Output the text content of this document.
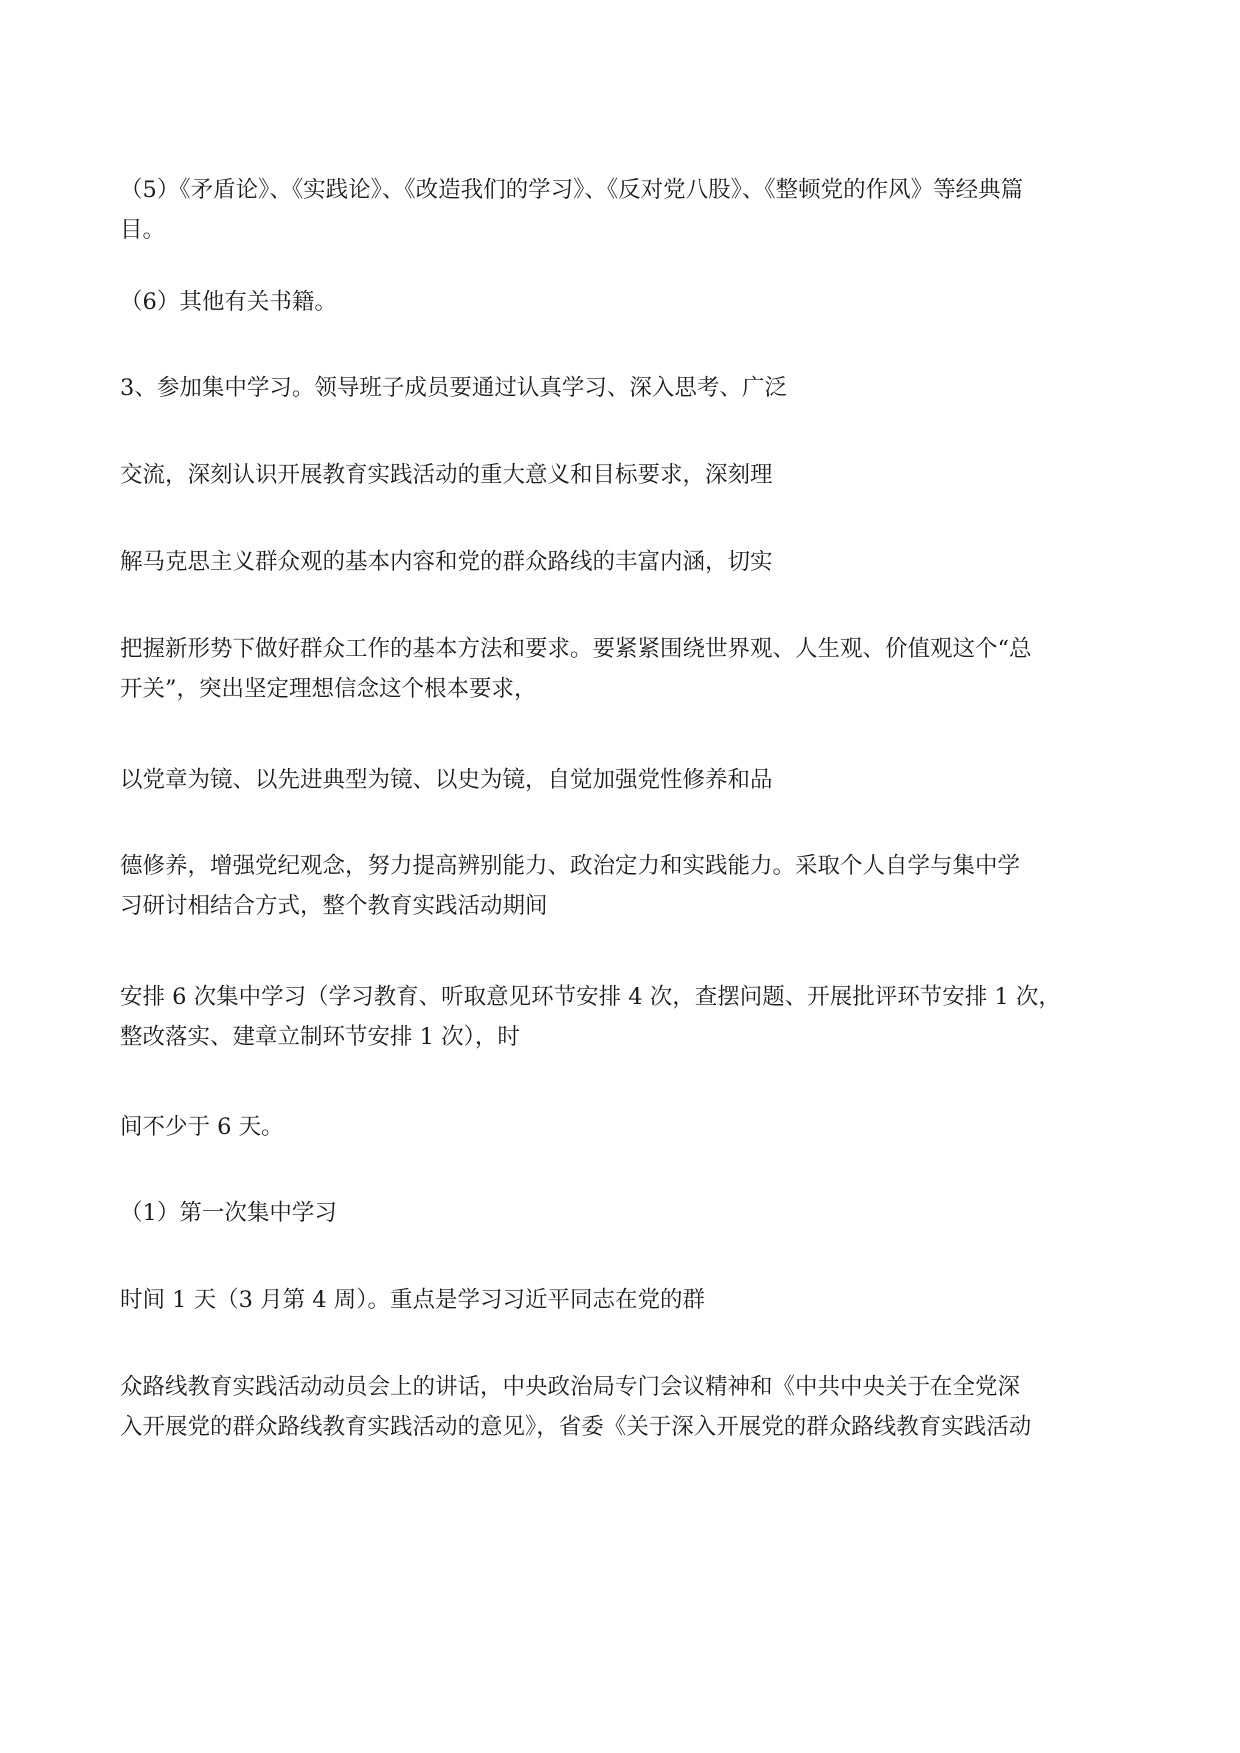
（5）《矛盾论》、《实践论》、《改造我们的学习》、《反对党八股》、《整顿党的作风》等经典篇
目。

（6）其他有关书籍。

3、参加集中学习。领导班子成员要通过认真学习、深入思考、广泛

交流，深刻认识开展教育实践活动的重大意义和目标要求，深刻理

解马克思主义群众观的基本内容和党的群众路线的丰富内涵，切实

把握新形势下做好群众工作的基本方法和要求。要紧紧围绕世界观、人生观、价值观这个“总
开关”，突出坚定理想信念这个根本要求，

以党章为镜、以先进典型为镜、以史为镜，自觉加强党性修养和品

德修养，增强党纪观念，努力提高辨别能力、政治定力和实践能力。采取个人自学与集中学
习研讨相结合方式，整个教育实践活动期间

安排 6 次集中学习（学习教育、听取意见环节安排 4 次，查摆问题、开展批评环节安排 1 次，
整改落实、建章立制环节安排 1 次），时

间不少于 6 天。

（1）第一次集中学习

时间 1 天（3 月第 4 周）。重点是学习习近平同志在党的群

众路线教育实践活动动员会上的讲话，中央政治局专门会议精神和《中共中央关于在全党深
入开展党的群众路线教育实践活动的意见》，省委《关于深入开展党的群众路线教育实践活动
